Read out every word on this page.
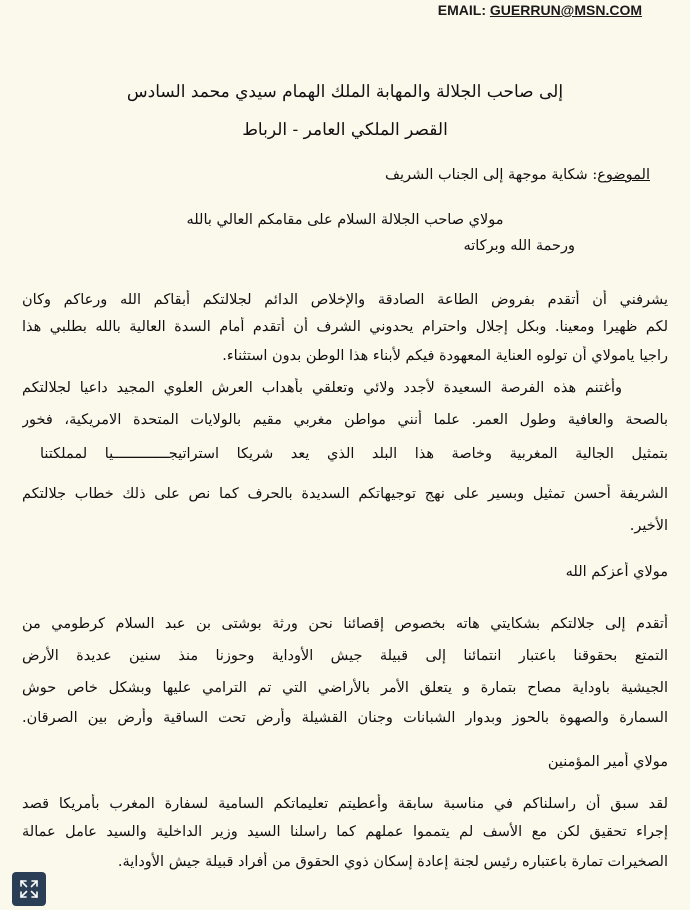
EMAIL: GUERRUN@MSN.COM
إلى صاحب الجلالة والمهابة الملك الهمام سيدي محمد السادس
القصر الملكي العامر - الرباط
الموضوع: شكاية موجهة إلى الجناب الشريف
مولاي صاحب الجلالة السلام على مقامكم العالي بالله
ورحمة الله وبركاته
يشرفني أن أتقدم بفروض الطاعة الصادقة والإخلاص الدائم لجلالتكم أبقاكم الله ورعاكم وكان
لكم ظهيرا ومعينا. وبكل إجلال واحترام يحدوني الشرف أن أتقدم أمام السدة العالية بالله بطلبي هذا
راجيا يامولاي أن تولوه العناية المعهودة فيكم لأبناء هذا الوطن بدون استثناء.
وأغتنم هذه الفرصة السعيدة لأجدد ولائي وتعلقي بأهداب العرش العلوي المجيد داعيا لجلالتكم
بالصحة والعافية وطول العمر. علما أنني مواطن مغربي مقيم بالولايات المتحدة الامريكية، فخور
بتمثيل الجالية المغربية وخاصة هذا البلد الذي يعد شريكا استراتيجـــــــــــــيا لمملكتنا
الشريفة أحسن تمثيل وبسير على نهج توجيهاتكم السديدة بالحرف كما نص على ذلك خطاب جلالتكم
الأخير.
مولاي أعزكم الله
أتقدم إلى جلالتكم بشكايتي هاته بخصوص إقصائنا نحن ورثة بوشتى بن عبد السلام كرطومي من
التمتع بحقوقنا باعتبار انتمائنا إلى قبيلة جيش الأوداية وحوزنا منذ سنين عديدة الأرض
الجيشية باوداية مصاح بتمارة و يتعلق الأمر بالأراضي التي تم الترامي عليها وبشكل خاص حوش
السمارة والصهوة بالحوز وبدوار الشبانات وجنان القشيلة وأرض تحت الساقية وأرض بين الصرقان.
مولاي أمير المؤمنين
لقد سبق أن راسلناكم في مناسبة سابقة وأعطيتم تعليماتكم السامية لسفارة المغرب بأمريكا قصد
إجراء تحقيق لكن مع الأسف لم يتمموا عملهم كما راسلنا السيد وزير الداخلية والسيد عامل عمالة
الصخيرات تمارة باعتباره رئيس لجنة إعادة إسكان ذوي الحقوق من أفراد قبيلة جيش الأوداية.
